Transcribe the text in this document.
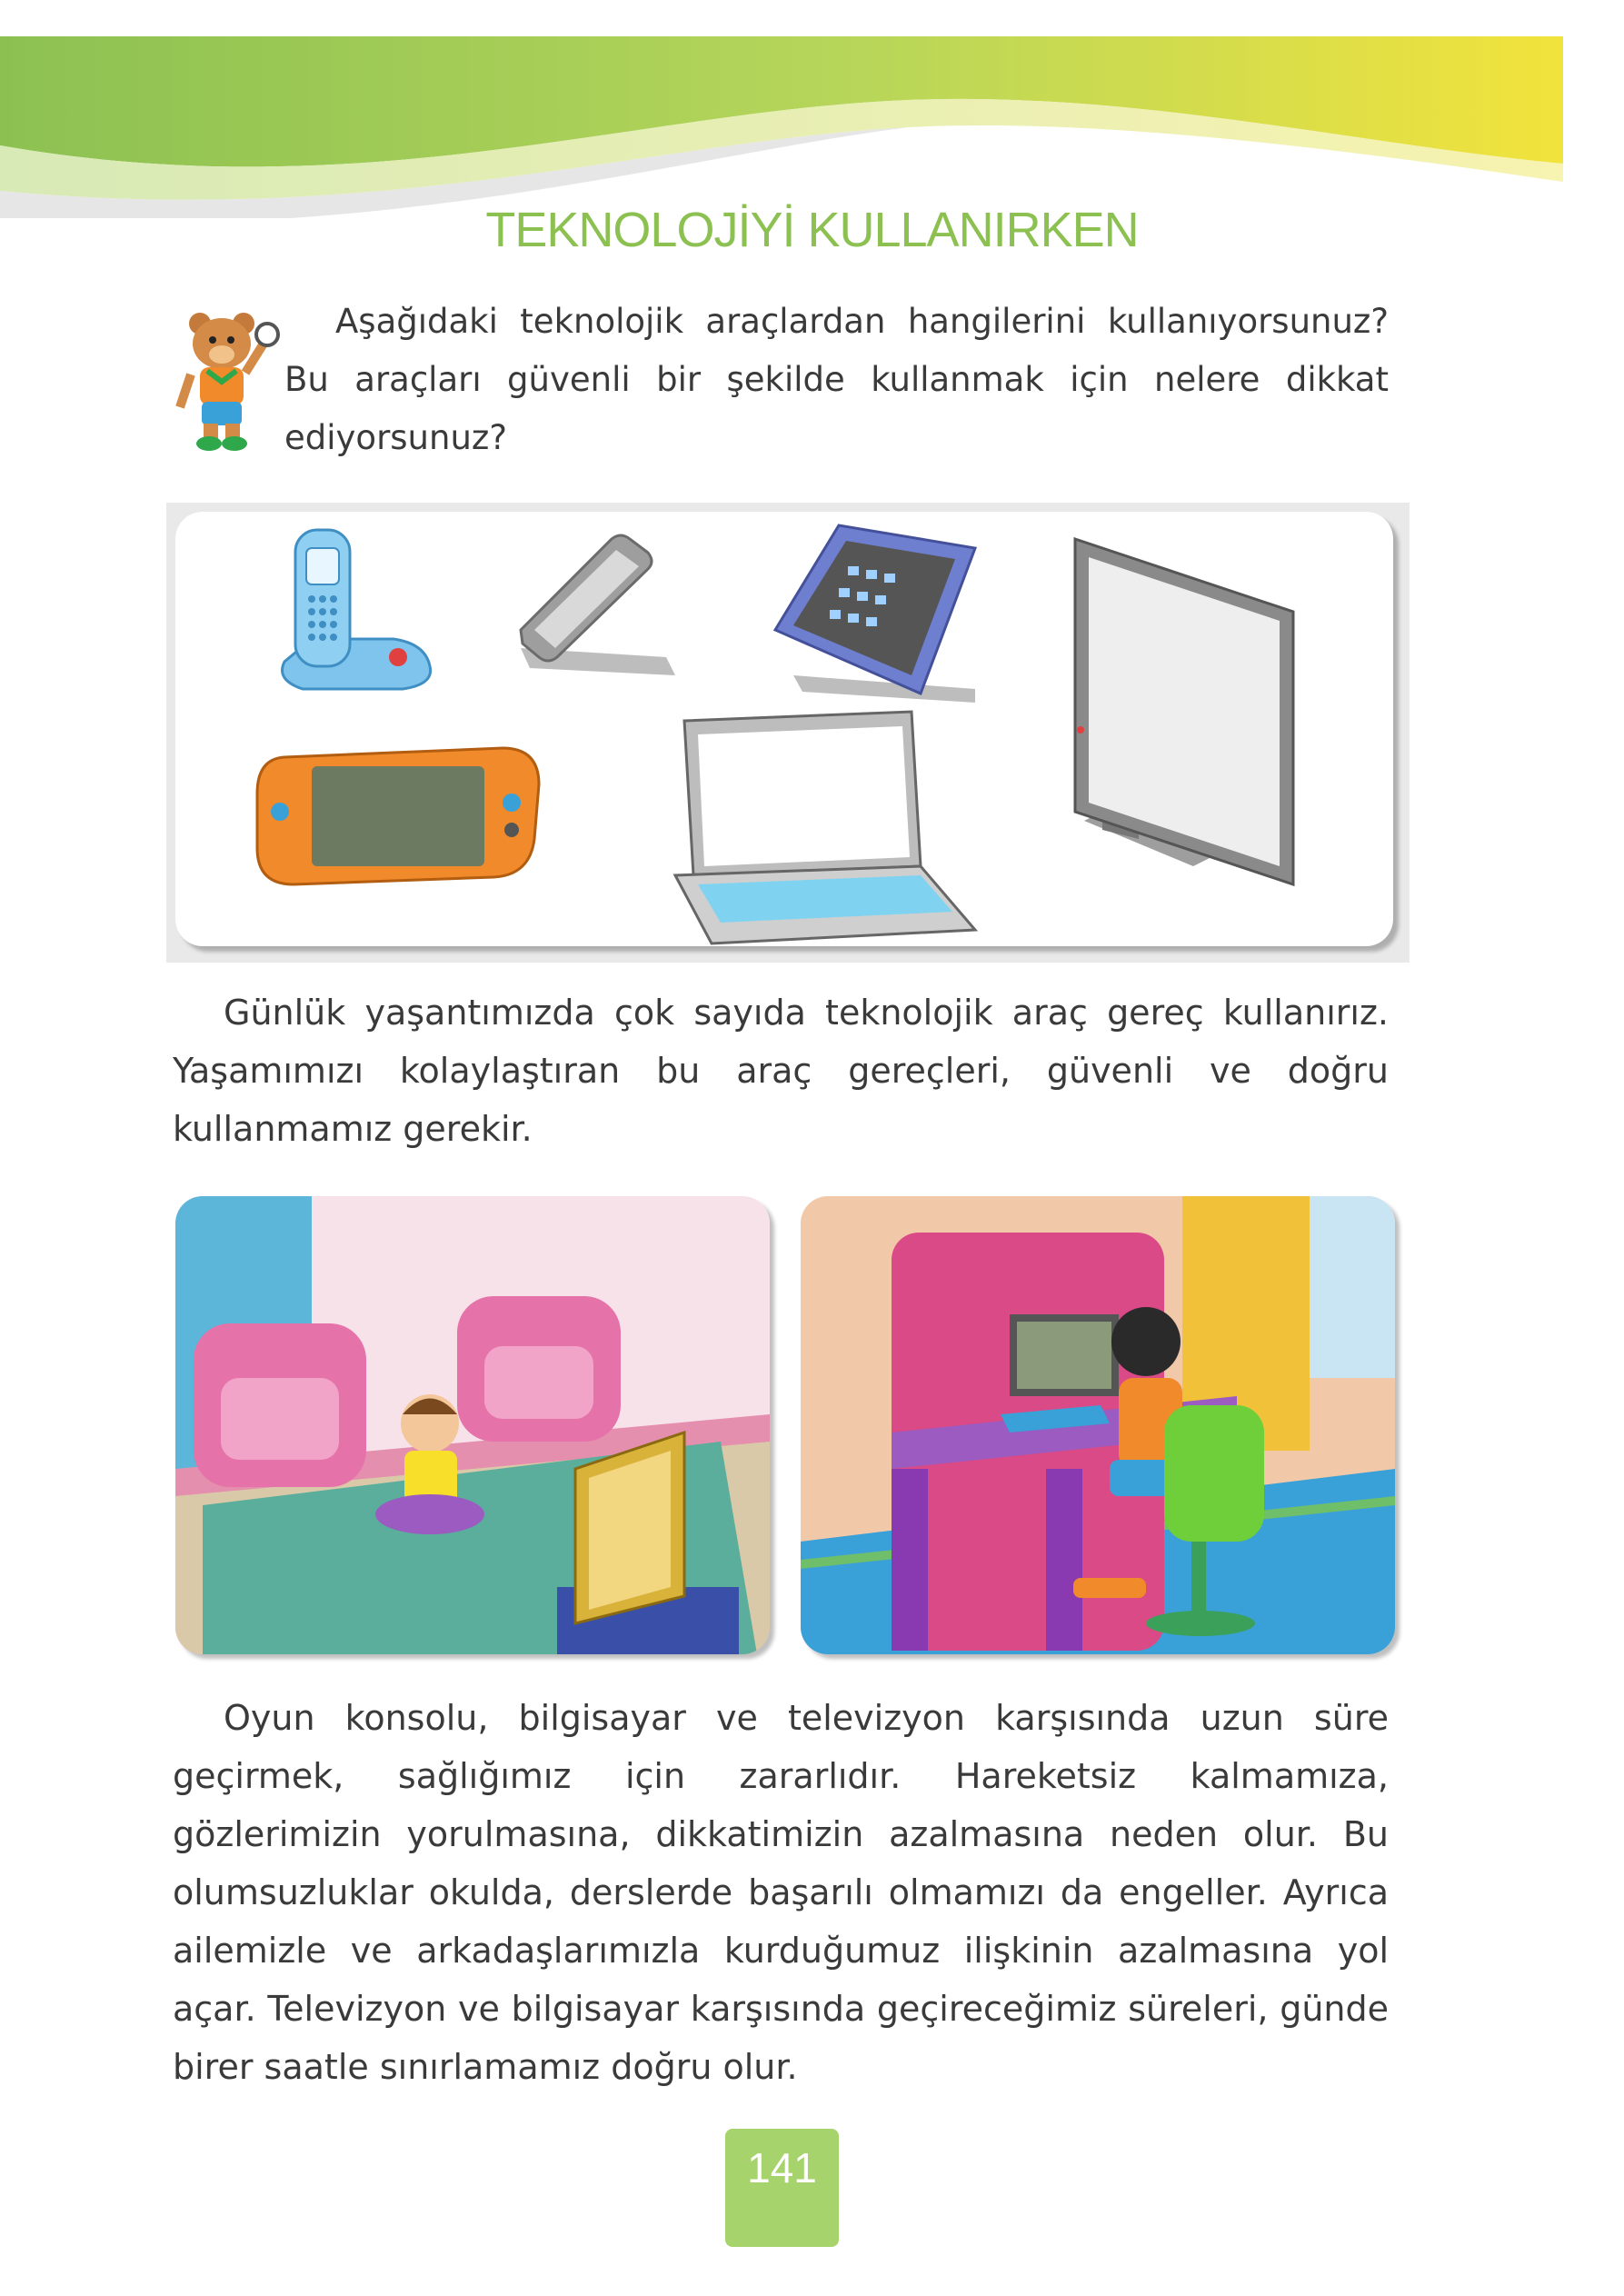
TEKNOLOJİYİ KULLANIRKEN
Aşağıdaki teknolojik araçlardan hangilerini kullanıyorsunuz? Bu araçları güvenli bir şekilde kullanmak için nelere dikkat ediyorsunuz?
Günlük yaşantımızda çok sayıda teknolojik araç gereç kullanırız. Yaşamımızı kolaylaştıran bu araç gereçleri, güvenli ve doğru kullanmamız gerekir.
Oyun konsolu, bilgisayar ve televizyon karşısında uzun süre geçirmek, sağlığımız için zararlıdır. Hareketsiz kalmamıza, gözlerimizin yorulmasına, dikkatimizin azalmasına neden olur. Bu olumsuzluklar okulda, derslerde başarılı olmamızı da engeller. Ayrıca ailemizle ve arkadaşlarımızla kurduğumuz ilişkinin azalmasına yol açar. Televizyon ve bilgisayar karşısında geçireceğimiz süreleri, günde birer saatle sınırlamamız doğru olur.
141
